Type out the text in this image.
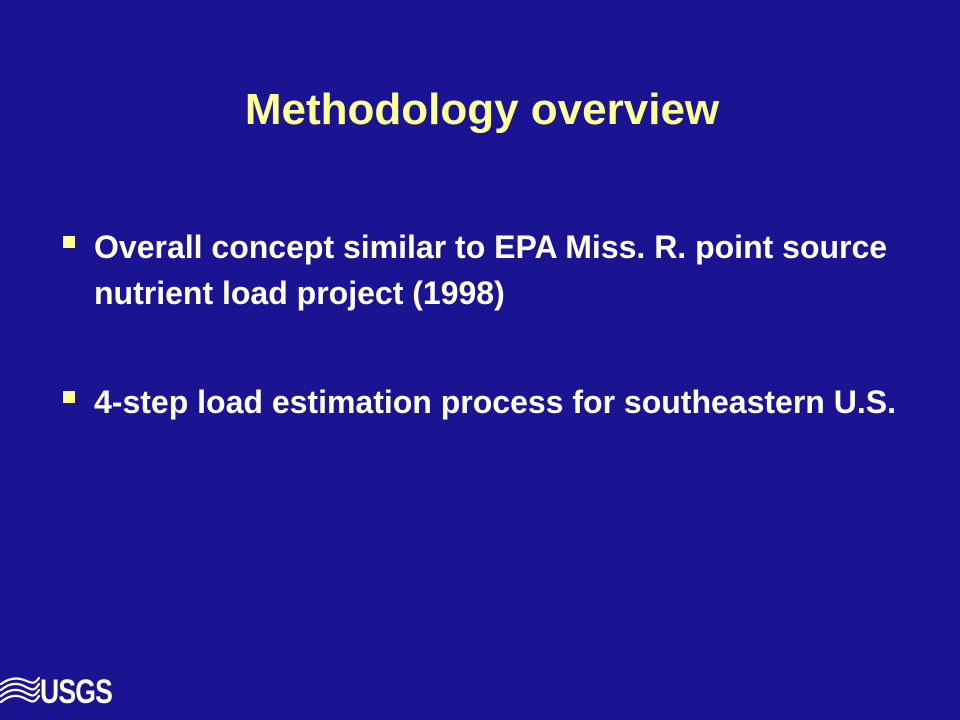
Methodology overview
Overall concept similar to EPA Miss. R. point source nutrient load project (1998)
4-step load estimation process for southeastern U.S.
USGS
